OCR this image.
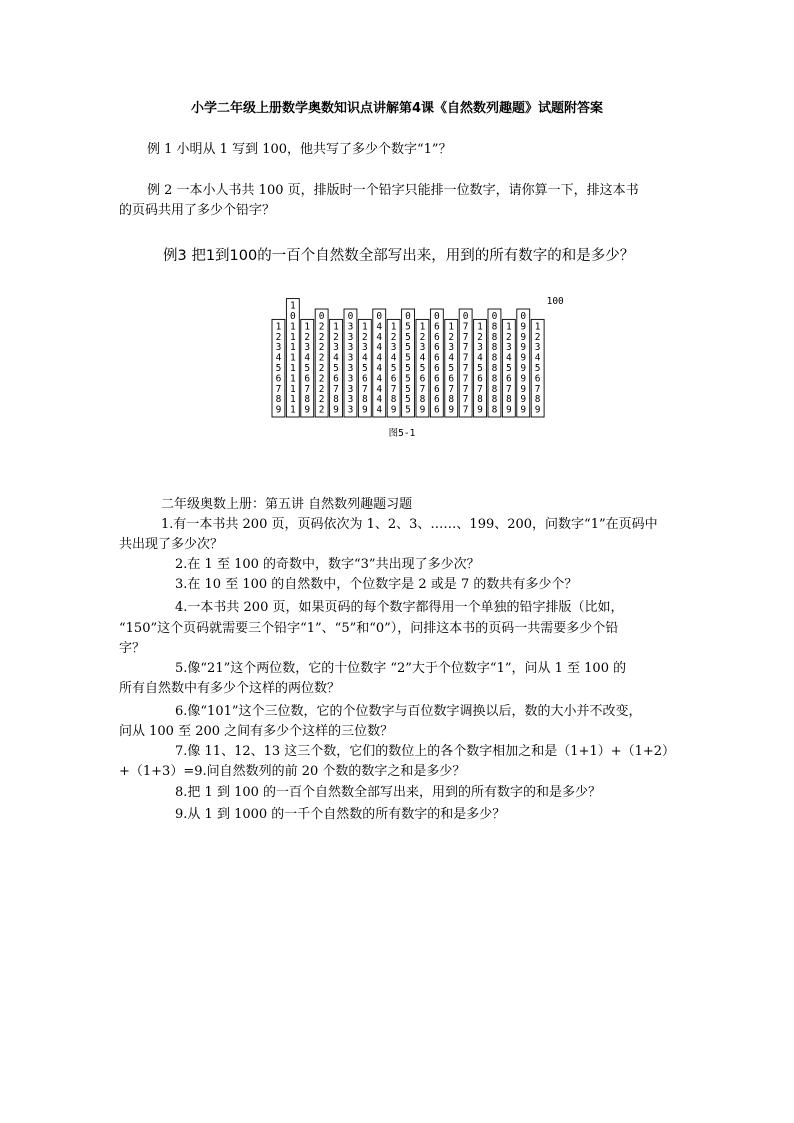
小学二年级上册数学奥数知识点讲解第4课《自然数列趣题》试题附答案
例 1 小明从 1 写到 100，他共写了多少个数字“1”？
例 2 一本小人书共 100 页，排版时一个铅字只能排一位数字，请你算一下，排这本书
的页码共用了多少个铅字？
例3 把1到100的一百个自然数全部写出来，用到的所有数字的和是多少？
1
2
3
4
5
6
7
8
9
1
0
1
1
1
1
1
1
1
1
1
1
2
3
4
5
6
7
8
9
0
2
2
2
2
2
2
2
2
2
1
2
3
4
5
6
7
8
9
0
3
3
3
3
3
3
3
3
3
1
2
3
4
5
6
7
8
9
0
4
4
4
4
4
4
4
4
4
1
2
3
4
5
6
7
8
9
0
5
5
5
5
5
5
5
5
5
1
2
3
4
5
6
7
8
9
0
6
6
6
6
6
6
6
6
6
1
2
3
4
5
6
7
8
9
0
7
7
7
7
7
7
7
7
7
1
2
3
4
5
6
7
8
9
0
8
8
8
8
8
8
8
8
8
1
2
3
4
5
6
7
8
9
0
9
9
9
9
9
9
9
9
9
1
2
3
4
5
6
7
8
9
100
图5-1
二年级奥数上册：第五讲 自然数列趣题习题
1.有一本书共 200 页，页码依次为 1、2、3、……、199、200，问数字“1”在页码中
共出现了多少次？
2.在 1 至 100 的奇数中，数字“3”共出现了多少次？
3.在 10 至 100 的自然数中，个位数字是 2 或是 7 的数共有多少个？
4.一本书共 200 页，如果页码的每个数字都得用一个单独的铅字排版（比如，
“150”这个页码就需要三个铅字“1”、“5”和“0”），问排这本书的页码一共需要多少个铅
字？
5.像“21”这个两位数，它的十位数字 “2”大于个位数字“1”，问从 1 至 100 的
所有自然数中有多少个这样的两位数？
6.像“101”这个三位数，它的个位数字与百位数字调换以后，数的大小并不改变，
问从 100 至 200 之间有多少个这样的三位数？
7.像 11、12、13 这三个数，它们的数位上的各个数字相加之和是（1+1）+（1+2）
+（1+3）=9.问自然数列的前 20 个数的数字之和是多少？
8.把 1 到 100 的一百个自然数全部写出来，用到的所有数字的和是多少？
9.从 1 到 1000 的一千个自然数的所有数字的和是多少？
